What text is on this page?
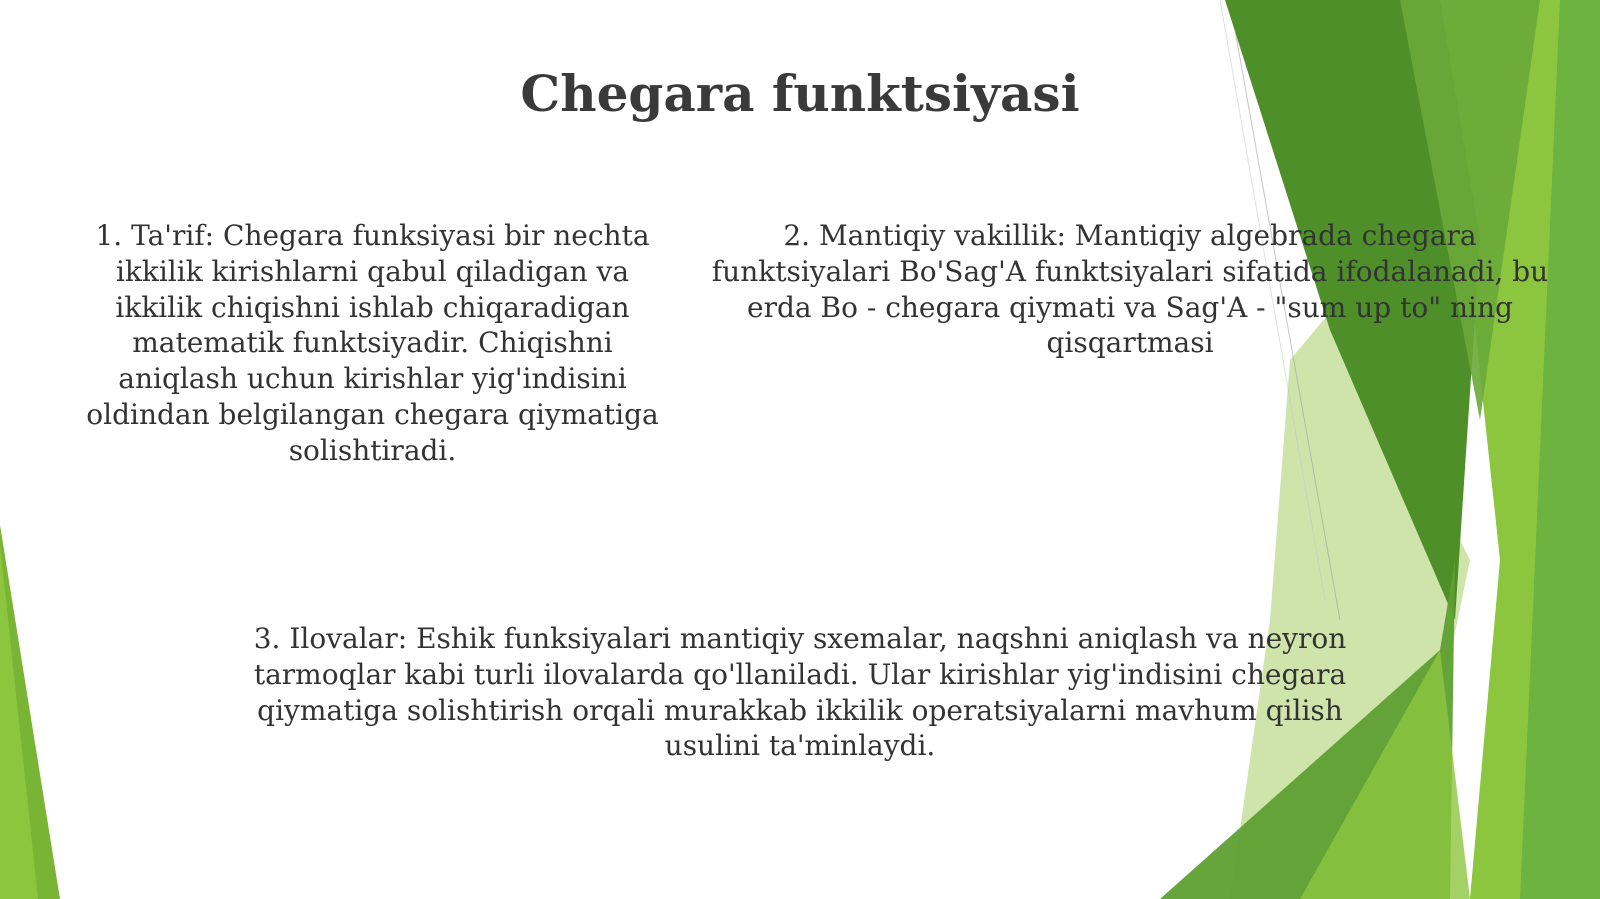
Chegara funktsiyasi

1. Ta'rif: Chegara funksiyasi bir nechta ikkilik kirishlarni qabul qiladigan va ikkilik chiqishni ishlab chiqaradigan matematik funktsiyadir. Chiqishni aniqlash uchun kirishlar yig'indisini oldindan belgilangan chegara qiymatiga solishtiradi.

2. Mantiqiy vakillik: Mantiqiy algebrada chegara funktsiyalari Bo'Sag'A funktsiyalari sifatida ifodalanadi, bu erda Bo - chegara qiymati va Sag'A - "sum up to" ning qisqartmasi

3. Ilovalar: Eshik funksiyalari mantiqiy sxemalar, naqshni aniqlash va neyron tarmoqlar kabi turli ilovalarda qo'llaniladi. Ular kirishlar yig'indisini chegara qiymatiga solishtirish orqali murakkab ikkilik operatsiyalarni mavhum qilish usulini ta'minlaydi.
